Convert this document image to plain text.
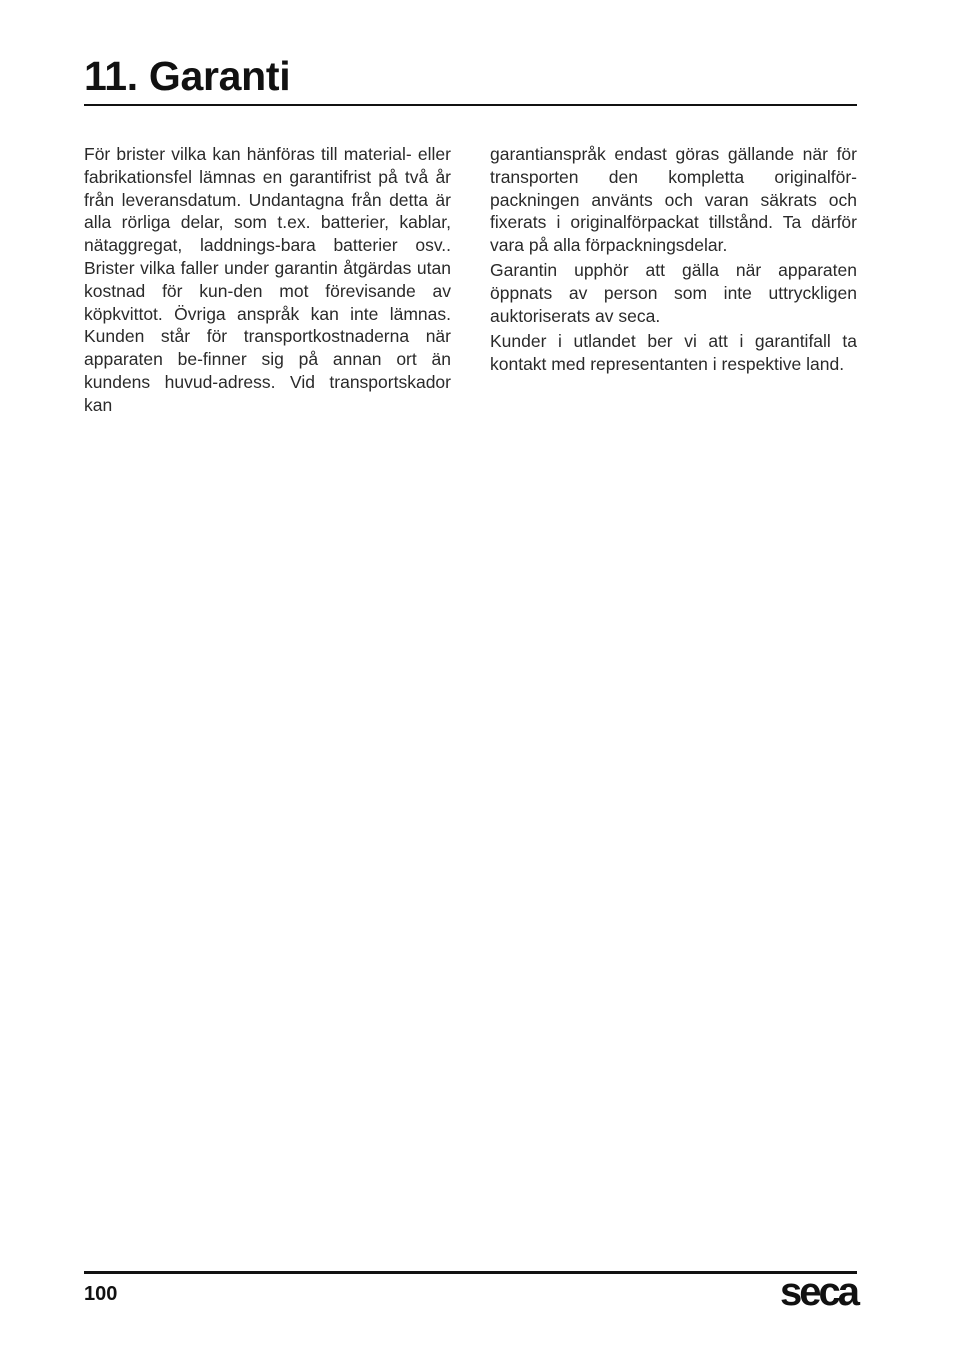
11. Garanti

För brister vilka kan hänföras till material- eller fabrikationsfel lämnas en garantifrist på två år från leveransdatum. Undantagna från detta är alla rörliga delar, som t.ex. batterier, kablar, nätaggregat, laddnings-bara batterier osv.. Brister vilka faller under garantin åtgärdas utan kostnad för kun-den mot förevisande av köpkvittot. Övriga anspråk kan inte lämnas. Kunden står för transportkostnaderna när apparaten be-finner sig på annan ort än kundens huvud-adress. Vid transportskador kan

garantianspråk endast göras gällande när för transporten den kompletta originalför-packningen använts och varan säkrats och fixerats i originalförpackat tillstånd. Ta därför vara på alla förpackningsdelar.

Garantin upphör att gälla när apparaten öppnats av person som inte uttryckligen auktoriserats av seca.

Kunder i utlandet ber vi att i garantifall ta kontakt med representanten i respektive land.

100	seca
